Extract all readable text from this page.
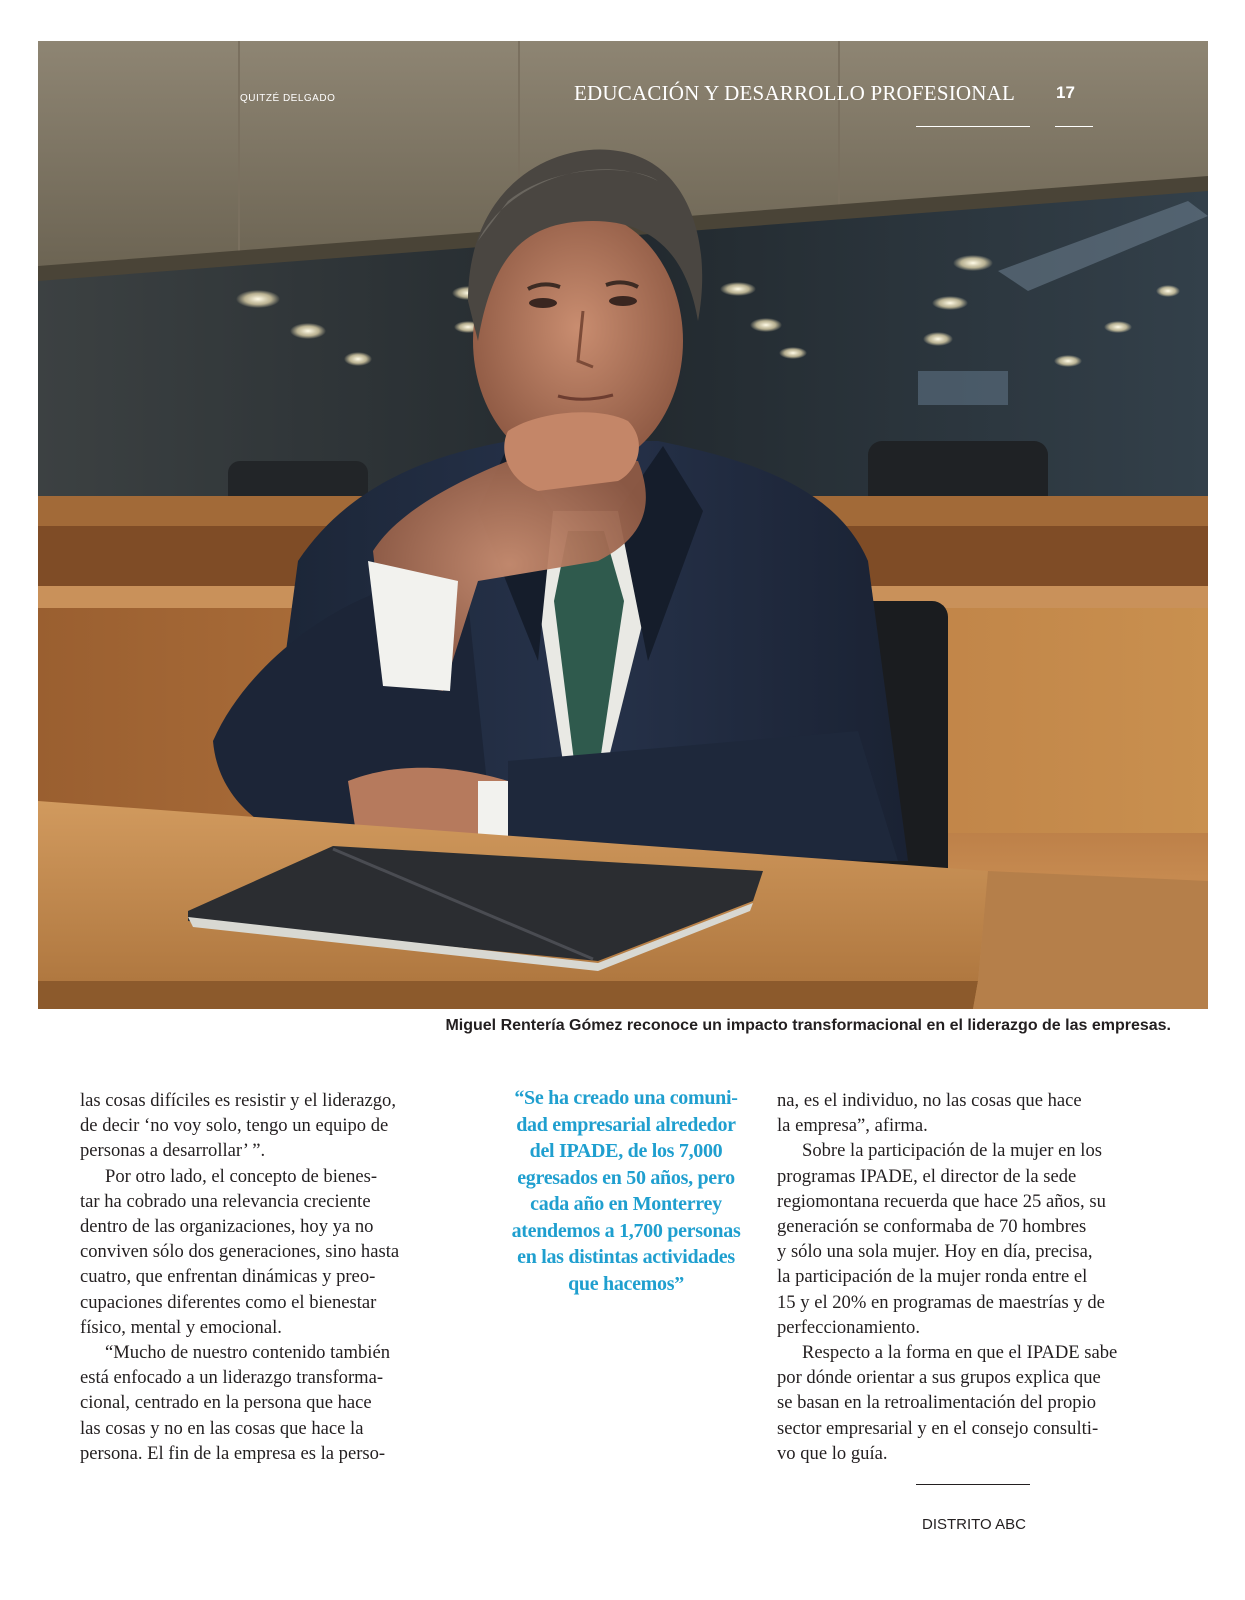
QUITZÉ DELGADO	EDUCACIÓN Y DESARROLLO PROFESIONAL 17
Miguel Rentería Gómez reconoce un impacto transformacional en el liderazgo de las empresas.
las cosas difíciles es resistir y el liderazgo,
de decir ‘no voy solo, tengo un equipo de
personas a desarrollar’ ”.
Por otro lado, el concepto de bienes-
tar ha cobrado una relevancia creciente
dentro de las organizaciones, hoy ya no
conviven sólo dos generaciones, sino hasta
cuatro, que enfrentan dinámicas y preo-
cupaciones diferentes como el bienestar
físico, mental y emocional.
“Mucho de nuestro contenido también
está enfocado a un liderazgo transforma-
cional, centrado en la persona que hace
las cosas y no en las cosas que hace la
persona. El fin de la empresa es la perso-
“Se ha creado una comuni-
dad empresarial alrededor
del IPADE, de los 7,000
egresados en 50 años, pero
cada año en Monterrey
atendemos a 1,700 personas
en las distintas actividades
que hacemos”
na, es el individuo, no las cosas que hace
la empresa”, afirma.
Sobre la participación de la mujer en los
programas IPADE, el director de la sede
regiomontana recuerda que hace 25 años, su
generación se conformaba de 70 hombres
y sólo una sola mujer. Hoy en día, precisa,
la participación de la mujer ronda entre el
15 y el 20% en programas de maestrías y de
perfeccionamiento.
Respecto a la forma en que el IPADE sabe
por dónde orientar a sus grupos explica que
se basan en la retroalimentación del propio
sector empresarial y en el consejo consulti-
vo que lo guía.
DISTRITO ABC
